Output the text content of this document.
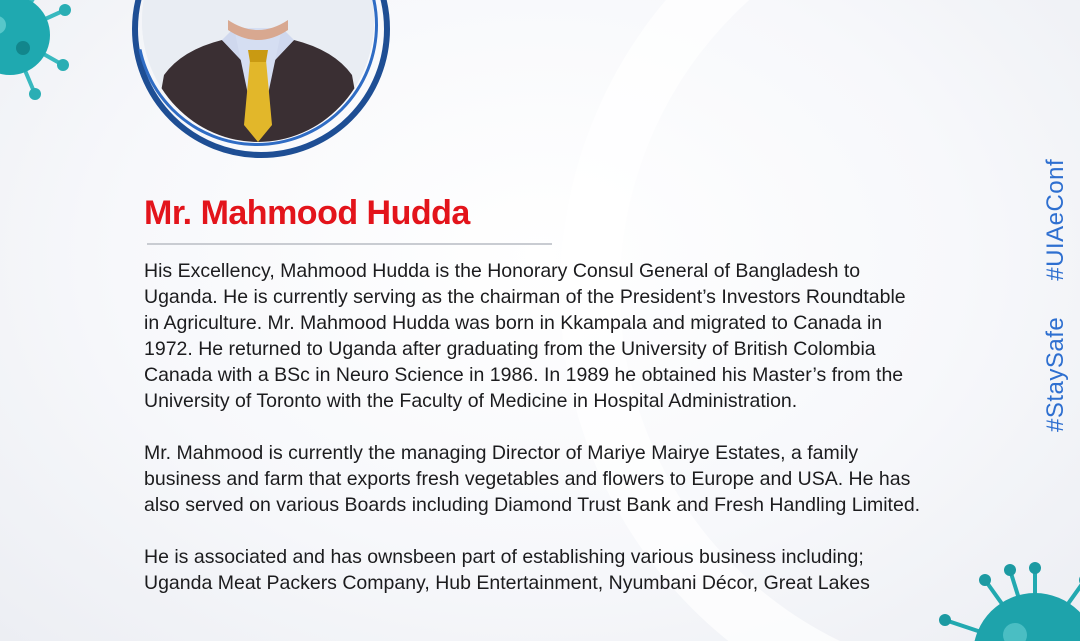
Mr. Mahmood Hudda

His Excellency, Mahmood Hudda is the Honorary Consul General of Bangladesh to Uganda. He is currently serving as the chairman of the President’s Investors Roundtable in Agriculture. Mr. Mahmood Hudda was born in Kkampala and migrated to Canada in 1972. He returned to Uganda after graduating from the University of British Colombia Canada with a BSc in Neuro Science in 1986. In 1989 he obtained his Master’s from the University of Toronto with the Faculty of Medicine in Hospital Administration.

Mr. Mahmood is currently the managing Director of Mariye Mairye Estates, a family business and farm that exports fresh vegetables and flowers to Europe and USA. He has also served on various Boards including Diamond Trust Bank and Fresh Handling Limited.

He is associated and has ownsbeen part of establishing various business including; Uganda Meat Packers Company, Hub Entertainment, Nyumbani Décor, Great Lakes

#StaySafe#UIAeConf
